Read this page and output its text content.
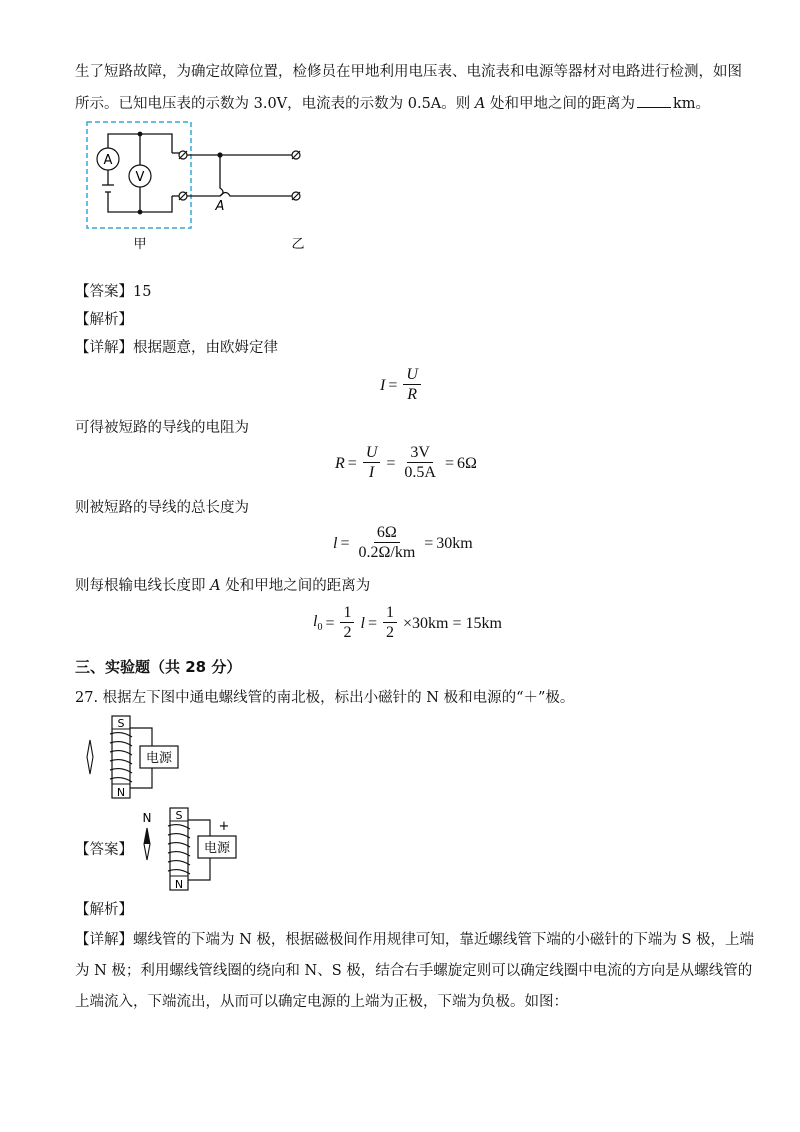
生了短路故障，为确定故障位置，检修员在甲地利用电压表、电流表和电源等器材对电路进行检测，如图
所示。已知电压表的示数为 3.0V，电流表的示数为 0.5A。则 A 处和甲地之间的距离为	km。
A
V
A
甲	乙
【答案】15
【解析】
【详解】根据题意，由欧姆定律
$I = \frac{U}{R}$
可得被短路的导线的电阻为
$R = \frac{U}{I} = \frac{3V}{0.5A} = 6\Omega$
则被短路的导线的总长度为
$l = \frac{6\Omega}{0.2\Omega/km} = 30km$
则每根输电线长度即 A 处和甲地之间的距离为
$l_0 = \frac{1}{2}$ $l = \frac{1}{2} \times 30km = 15km$
三、实验题（共 28 分）
27. 根据左下图中通电螺线管的南北极，标出小磁针的 N 极和电源的“＋”极。
电源
S
N
【答案】
N
电源
+
S
N
【解析】
【详解】螺线管的下端为 N 极，根据磁极间作用规律可知，靠近螺线管下端的小磁针的下端为 S 极，上端
为 N 极；利用螺线管线圈的绕向和 N、S 极，结合右手螺旋定则可以确定线圈中电流的方向是从螺线管的
上端流入，下端流出，从而可以确定电源的上端为正极，下端为负极。如图：
